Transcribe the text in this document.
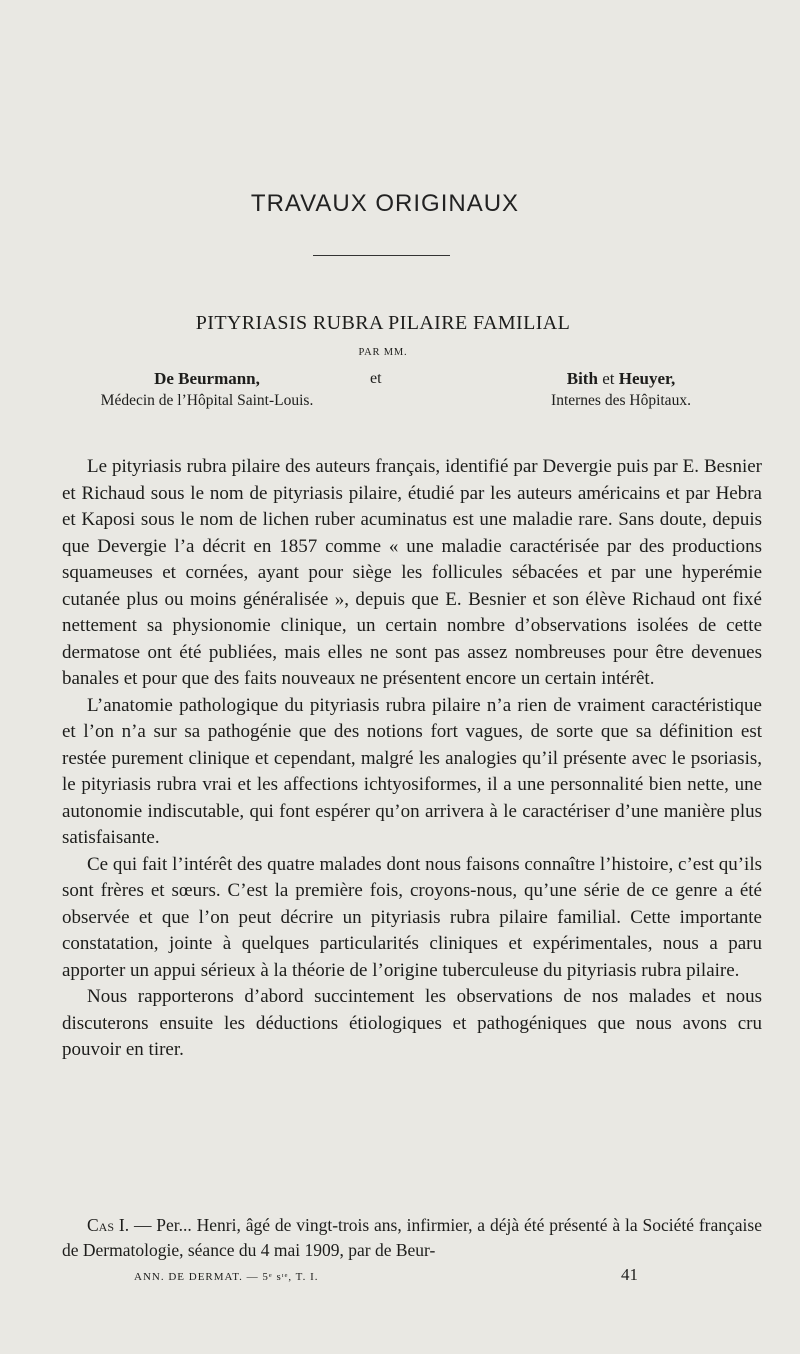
TRAVAUX ORIGINAUX
PITYRIASIS RUBRA PILAIRE FAMILIAL
PAR MM.
De Beurmann,
Médecin de l’Hôpital Saint-Louis.
et	Bith et Heuyer,
Internes des Hôpitaux.

Le pityriasis rubra pilaire des auteurs français, identifié par Devergie puis par E. Besnier et Richaud sous le nom de pityriasis pilaire, étudié par les auteurs américains et par Hebra et Kaposi sous le nom de lichen ruber acuminatus est une maladie rare. Sans doute, depuis que Devergie l’a décrit en 1857 comme « une maladie caractérisée par des productions squameuses et cornées, ayant pour siège les follicules sébacées et par une hyperémie cutanée plus ou moins généralisée », depuis que E. Besnier et son élève Richaud ont fixé nettement sa physionomie clinique, un certain nombre d’observations isolées de cette dermatose ont été publiées, mais elles ne sont pas assez nombreuses pour être devenues banales et pour que des faits nouveaux ne présentent encore un certain intérêt.

L’anatomie pathologique du pityriasis rubra pilaire n’a rien de vraiment caractéristique et l’on n’a sur sa pathogénie que des notions fort vagues, de sorte que sa définition est restée purement clinique et cependant, malgré les analogies qu’il présente avec le psoriasis, le pityriasis rubra vrai et les affections ichtyosiformes, il a une personnalité bien nette, une autonomie indiscutable, qui font espérer qu’on arrivera à le caractériser d’une manière plus satisfaisante.

Ce qui fait l’intérêt des quatre malades dont nous faisons connaître l’histoire, c’est qu’ils sont frères et sœurs. C’est la première fois, croyons-nous, qu’une série de ce genre a été observée et que l’on peut décrire un pityriasis rubra pilaire familial. Cette importante constatation, jointe à quelques particularités cliniques et expérimentales, nous a paru apporter un appui sérieux à la théorie de l’origine tuberculeuse du pityriasis rubra pilaire.

Nous rapporterons d’abord succintement les observations de nos malades et nous discuterons ensuite les déductions étiologiques et pathogéniques que nous avons cru pouvoir en tirer.

Cas I. — Per... Henri, âgé de vingt-trois ans, infirmier, a déjà été présenté à la Société française de Dermatologie, séance du 4 mai 1909, par de Beur-

ANN. DE DERMAT. — 5ᵉ sᶦᵉ, T. I.	41
